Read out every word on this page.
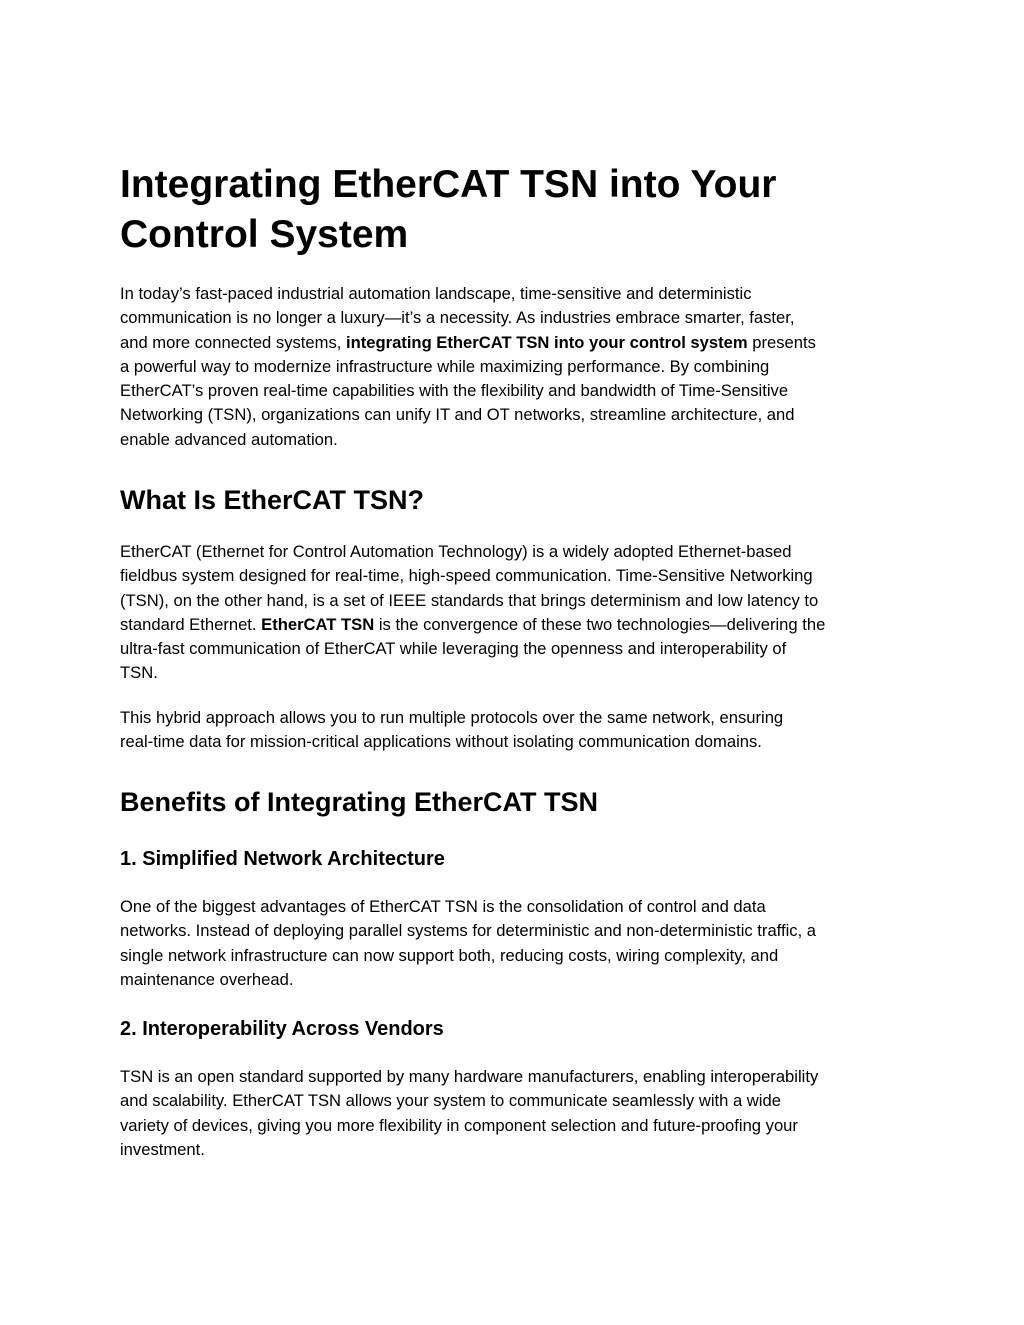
Integrating EtherCAT TSN into Your Control System
In today’s fast-paced industrial automation landscape, time-sensitive and deterministic
communication is no longer a luxury—it’s a necessity. As industries embrace smarter, faster,
and more connected systems, integrating EtherCAT TSN into your control system presents
a powerful way to modernize infrastructure while maximizing performance. By combining
EtherCAT’s proven real-time capabilities with the flexibility and bandwidth of Time-Sensitive
Networking (TSN), organizations can unify IT and OT networks, streamline architecture, and
enable advanced automation.
What Is EtherCAT TSN?
EtherCAT (Ethernet for Control Automation Technology) is a widely adopted Ethernet-based
fieldbus system designed for real-time, high-speed communication. Time-Sensitive Networking
(TSN), on the other hand, is a set of IEEE standards that brings determinism and low latency to
standard Ethernet. EtherCAT TSN is the convergence of these two technologies—delivering the
ultra-fast communication of EtherCAT while leveraging the openness and interoperability of
TSN.
This hybrid approach allows you to run multiple protocols over the same network, ensuring
real-time data for mission-critical applications without isolating communication domains.
Benefits of Integrating EtherCAT TSN
1. Simplified Network Architecture
One of the biggest advantages of EtherCAT TSN is the consolidation of control and data
networks. Instead of deploying parallel systems for deterministic and non-deterministic traffic, a
single network infrastructure can now support both, reducing costs, wiring complexity, and
maintenance overhead.
2. Interoperability Across Vendors
TSN is an open standard supported by many hardware manufacturers, enabling interoperability
and scalability. EtherCAT TSN allows your system to communicate seamlessly with a wide
variety of devices, giving you more flexibility in component selection and future-proofing your
investment.
